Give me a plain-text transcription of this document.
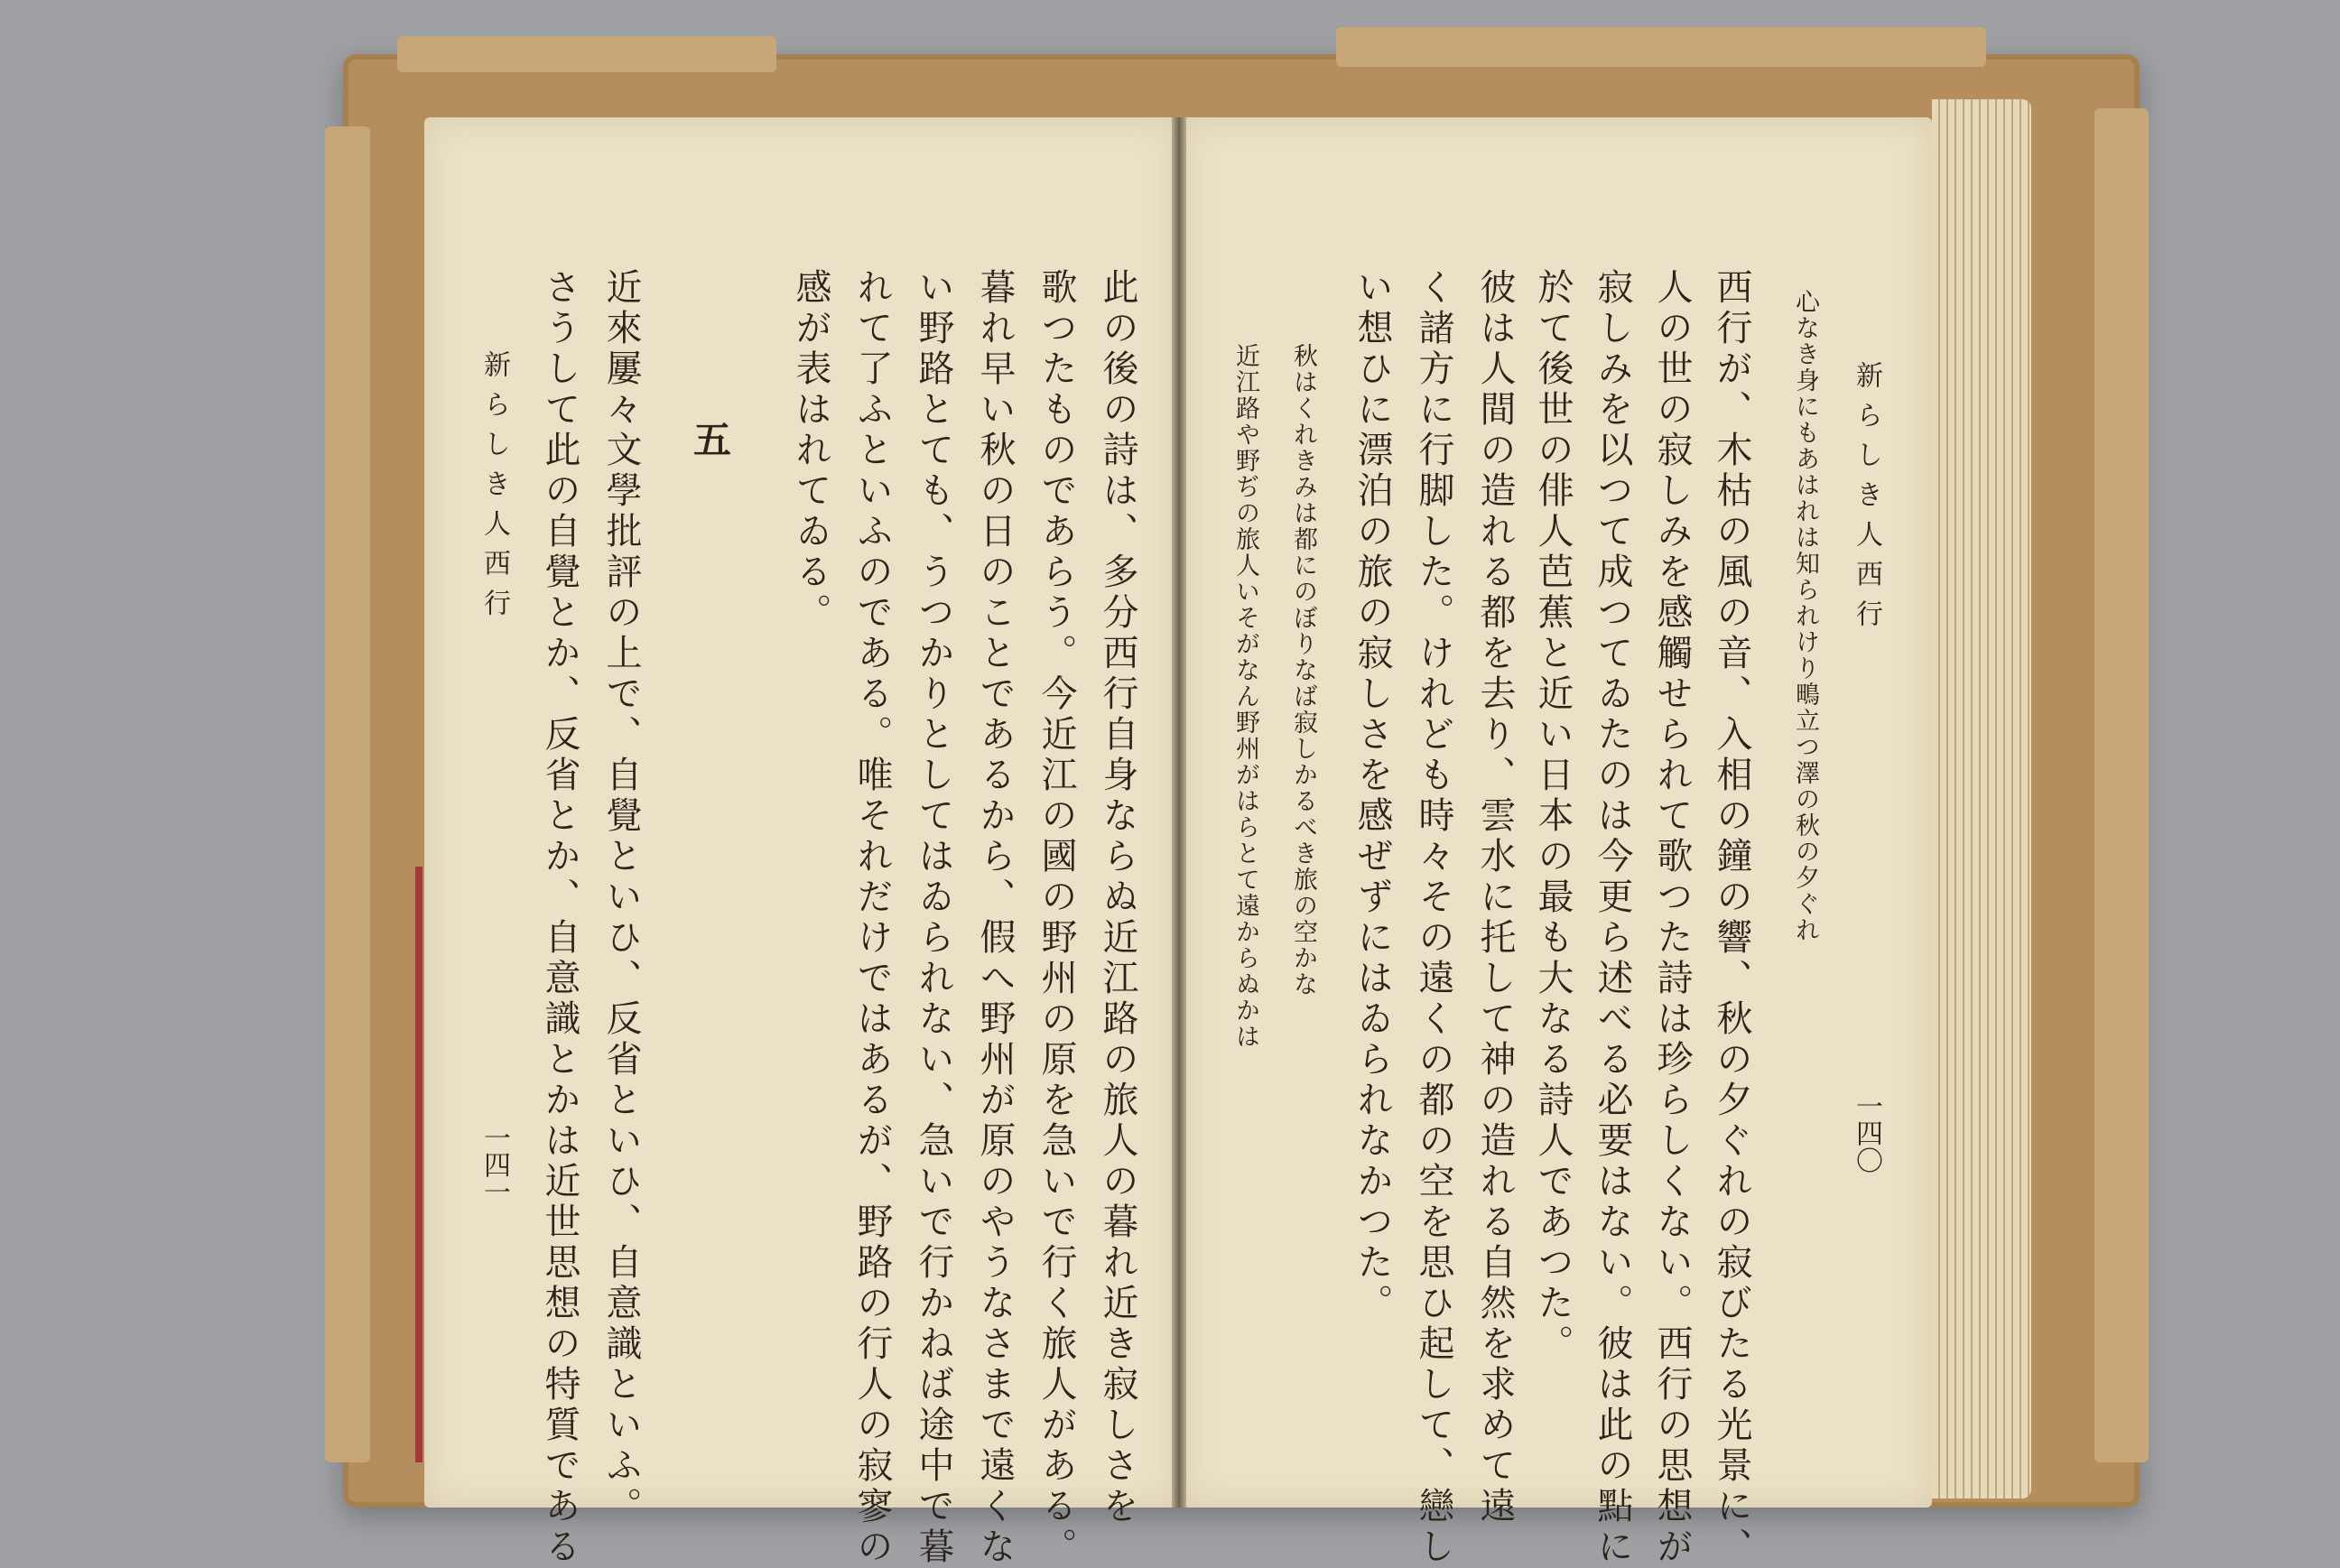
新らしき人西行
一四一 さうして此の自覺とか、反省とか、自意識とかは近世思想の特質である 近來屢々文學批評の上で、自覺といひ、反省といひ、自意識といふ。 五 感が表はれてゐる。 れて了ふといふのである。唯それだけではあるが、野路の行人の寂寥の い野路とても、うつかりとしてはゐられない、急いで行かねば途中で暮 暮れ早い秋の日のことであるから、假へ野州が原のやうなさまで遠くな 歌つたものであらう。今近江の國の野州の原を急いで行く旅人がある。 此の後の詩は、多分西行自身ならぬ近江路の旅人の暮れ近き寂しさを	近江路や野ぢの旅人いそがなん野州がはらとて遠からぬかは 秋はくれきみは都にのぼりなば寂しかるべき旅の空かな い想ひに漂泊の旅の寂しさを感ぜずにはゐられなかつた。 く諸方に行脚した。けれども時々その遠くの都の空を思ひ起して、戀し 彼は人間の造れる都を去り、雲水に托して神の造れる自然を求めて遠 於て後世の俳人芭蕉と近い日本の最も大なる詩人であつた。 寂しみを以つて成つてゐたのは今更ら述べる必要はない。彼は此の點に 人の世の寂しみを感觸せられて歌つた詩は珍らしくない。西行の思想が 西行が、木枯の風の音、入相の鐘の響、秋の夕ぐれの寂びたる光景に、 心なき身にもあはれは知られけり鴫立つ澤の秋の夕ぐれ 新らしき人西行
一四〇
